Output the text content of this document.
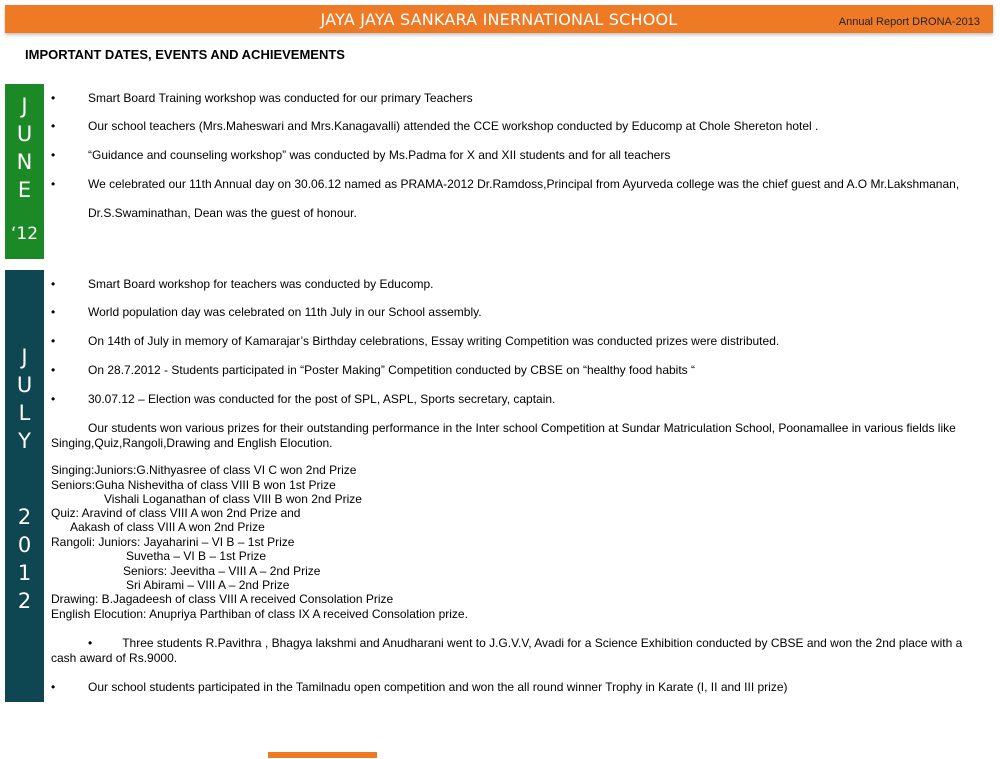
JAYA JAYA SANKARA INERNATIONAL SCHOOL	Annual Report DRONA-2013
IMPORTANT DATES, EVENTS AND ACHIEVEMENTS
J
U
N
E
‘12
•	Smart Board Training workshop was conducted for our primary Teachers
•	Our school teachers (Mrs.Maheswari and Mrs.Kanagavalli) attended the CCE workshop conducted by Educomp at Chole Shereton hotel .
•	“Guidance and counseling workshop” was conducted by Ms.Padma for X and XII students and for all teachers
•	We celebrated our 11th Annual day on 30.06.12 named as PRAMA-2012 Dr.Ramdoss,Principal from Ayurveda college was the chief guest and A.O Mr.Lakshmanan,
Dr.S.Swaminathan, Dean was the guest of honour.
J
U
L
Y
2
0
1
2
•	Smart Board workshop for teachers was conducted by Educomp.
•	World population day was celebrated on 11th July in our School assembly.
•	On 14th of July in memory of Kamarajar’s Birthday celebrations, Essay writing Competition was conducted prizes were distributed.
•	On 28.7.2012 - Students participated in “Poster Making” Competition conducted by CBSE on “healthy food habits “
•	30.07.12 – Election was conducted for the post of SPL, ASPL, Sports secretary, captain.
Our students won various prizes for their outstanding performance in the Inter school Competition at Sundar Matriculation School, Poonamallee in various fields like Singing,Quiz,Rangoli,Drawing and English Elocution.
Singing:Juniors:G.Nithyasree of class VI C won 2nd Prize
Seniors:Guha Nishevitha of class VIII B won 1st Prize
Vishali Loganathan of class VIII B won 2nd Prize
Quiz: Aravind of class VIII A won 2nd Prize and
Aakash of class VIII A won 2nd Prize
Rangoli: Juniors: Jayaharini – VI B – 1st Prize
Suvetha – VI B – 1st Prize
Seniors: Jeevitha – VIII A – 2nd Prize
Sri Abirami – VIII A – 2nd Prize
Drawing: B.Jagadeesh of class VIII A received Consolation Prize
English Elocution: Anupriya Parthiban of class IX A received Consolation prize.
•	Three students R.Pavithra , Bhagya lakshmi and Anudharani went to J.G.V.V, Avadi for a Science Exhibition conducted by CBSE and won the 2nd place with a cash award of Rs.9000.
•	Our school students participated in the Tamilnadu open competition and won the all round winner Trophy in Karate (I, II and III prize)
